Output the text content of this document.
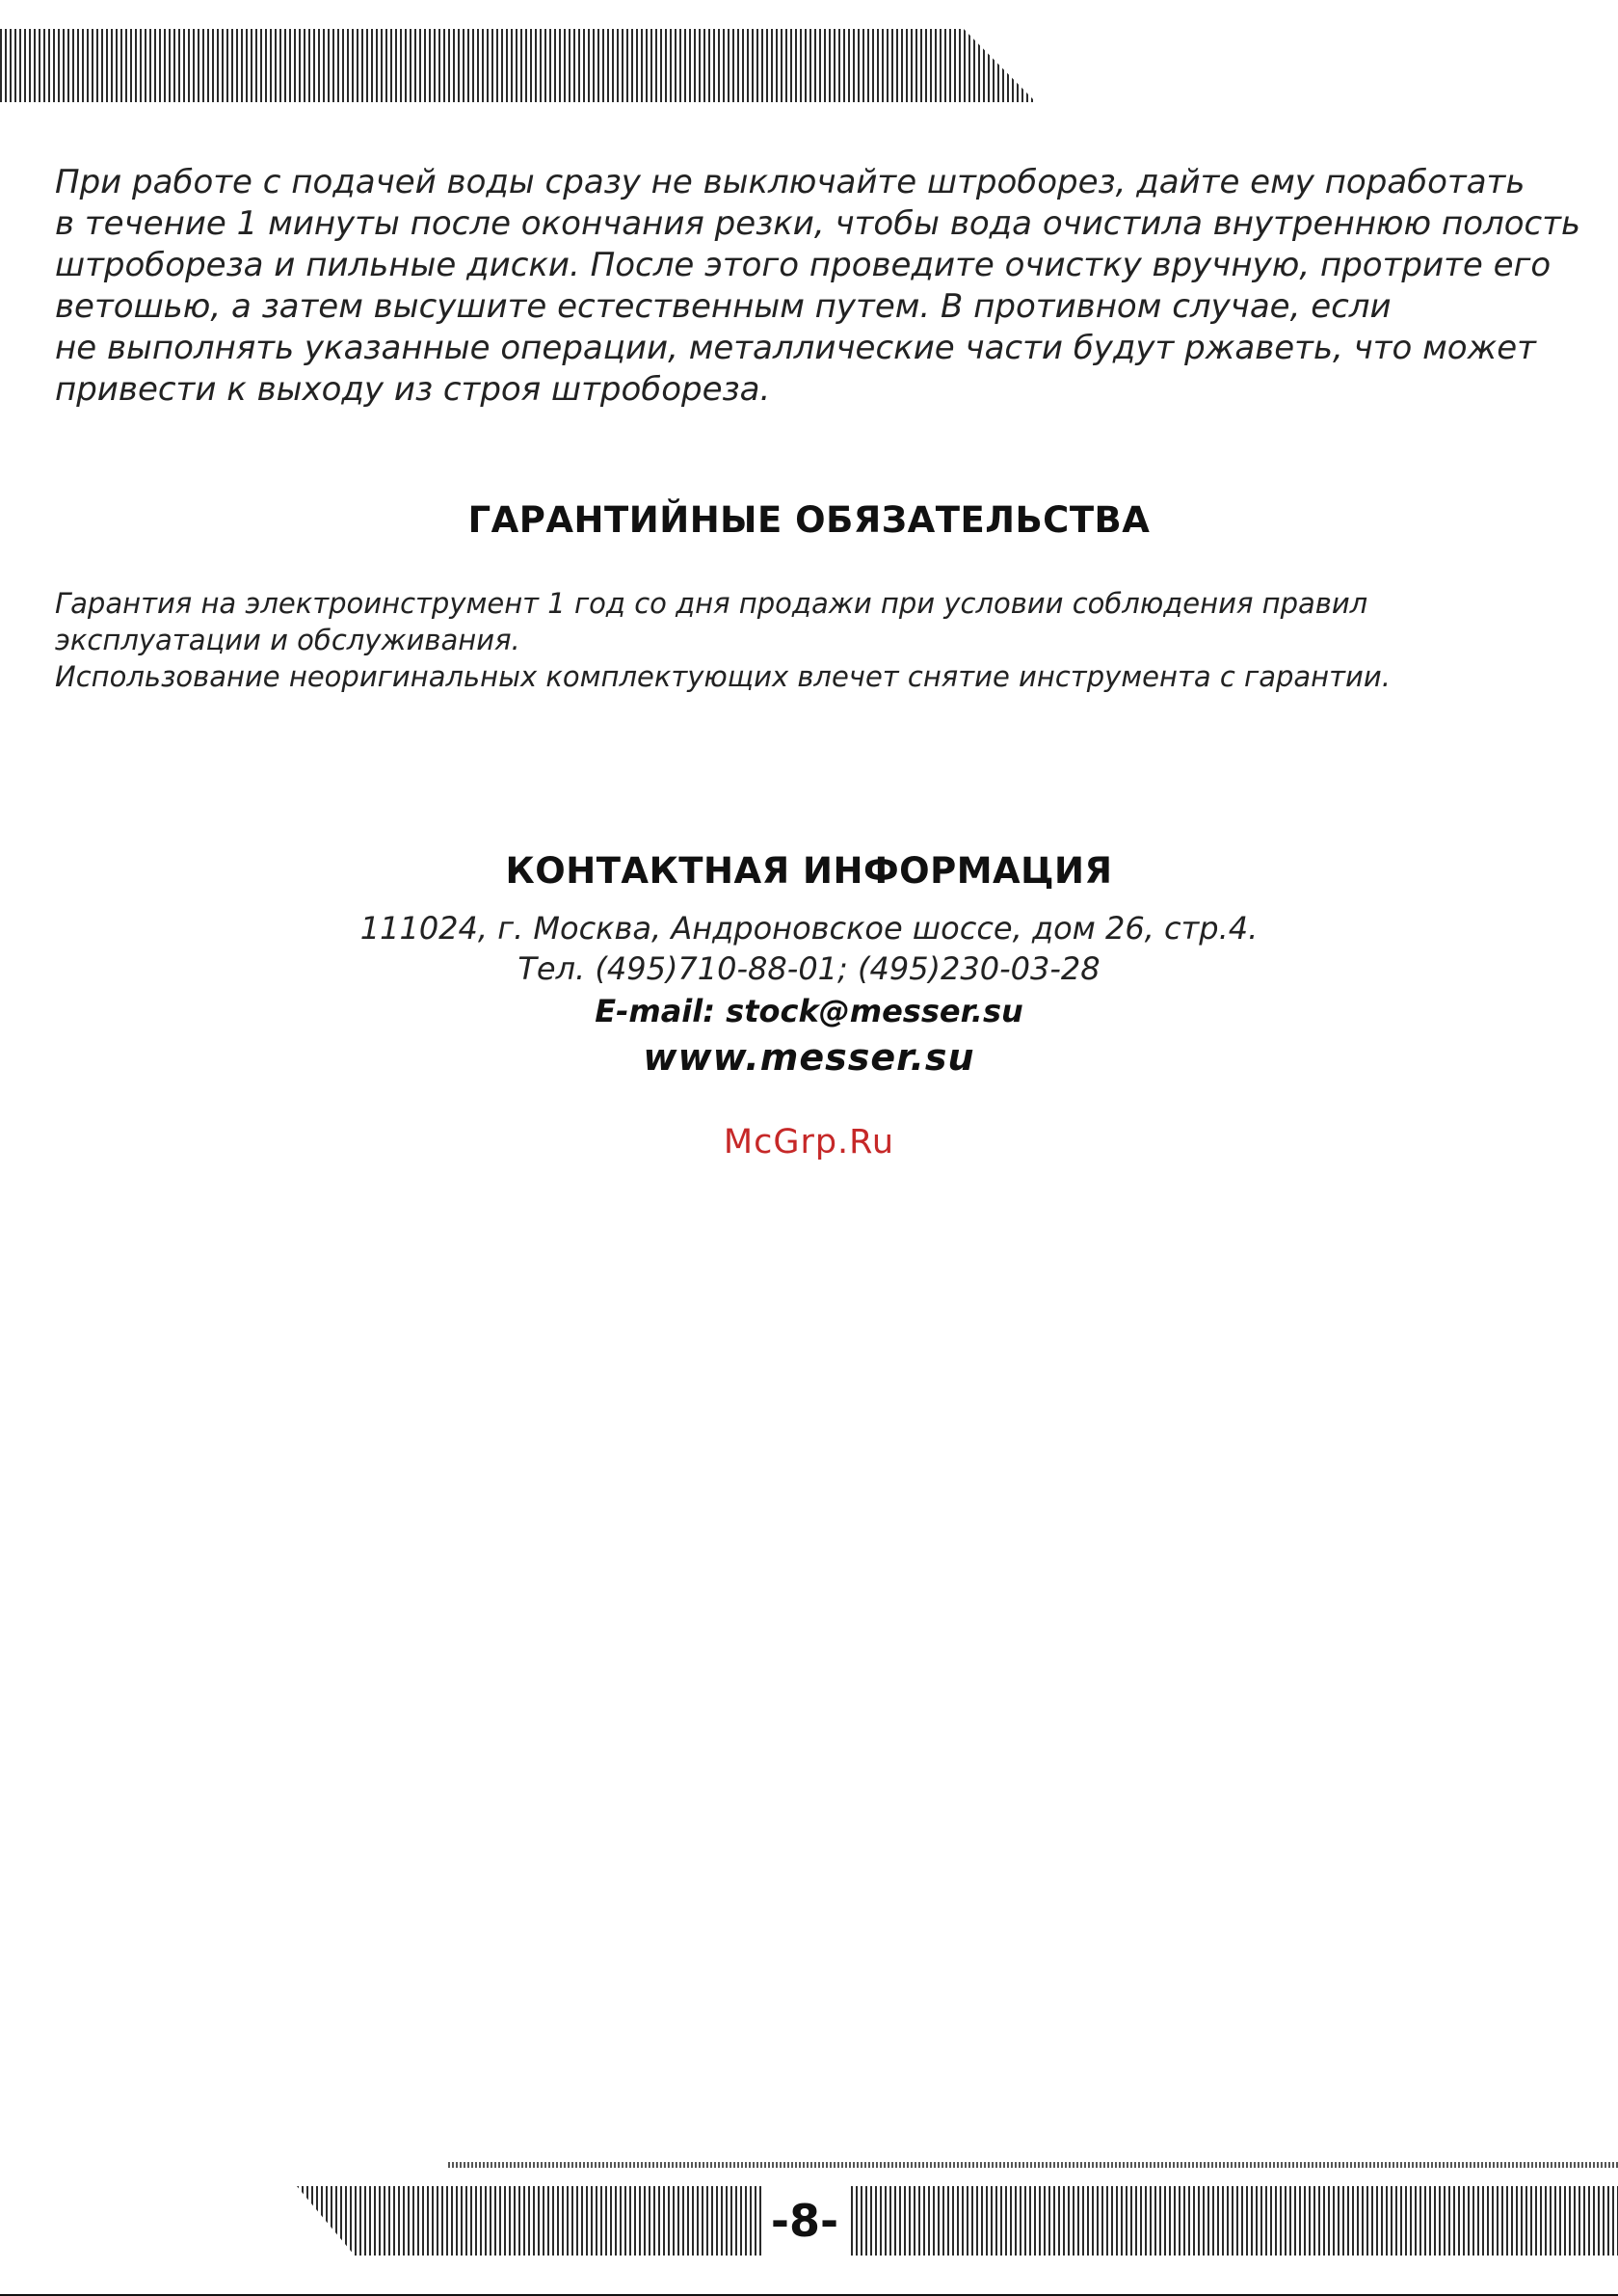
При работе с подачей воды сразу не выключайте штроборез, дайте ему поработать
в течение 1 минуты после окончания резки, чтобы вода очистила внутреннюю полость
штробореза и пильные диски. После этого проведите очистку вручную, протрите его
ветошью, а затем высушите естественным путем. В противном случае, если
не выполнять указанные операции, металлические части будут ржаветь, что может
привести к выходу из строя штробореза.
ГАРАНТИЙНЫЕ ОБЯЗАТЕЛЬСТВА
Гарантия на электроинструмент 1 год со дня продажи при условии соблюдения правил
эксплуатации и обслуживания.
Использование неоригинальных комплектующих влечет снятие инструмента с гарантии.
КОНТАКТНАЯ ИНФОРМАЦИЯ
111024, г. Москва, Андроновское шоссе, дом 26, стр.4.
Тел. (495)710-88-01; (495)230-03-28
E-mail: stock@messer.su
www.messer.su
McGrp.Ru
-8-
